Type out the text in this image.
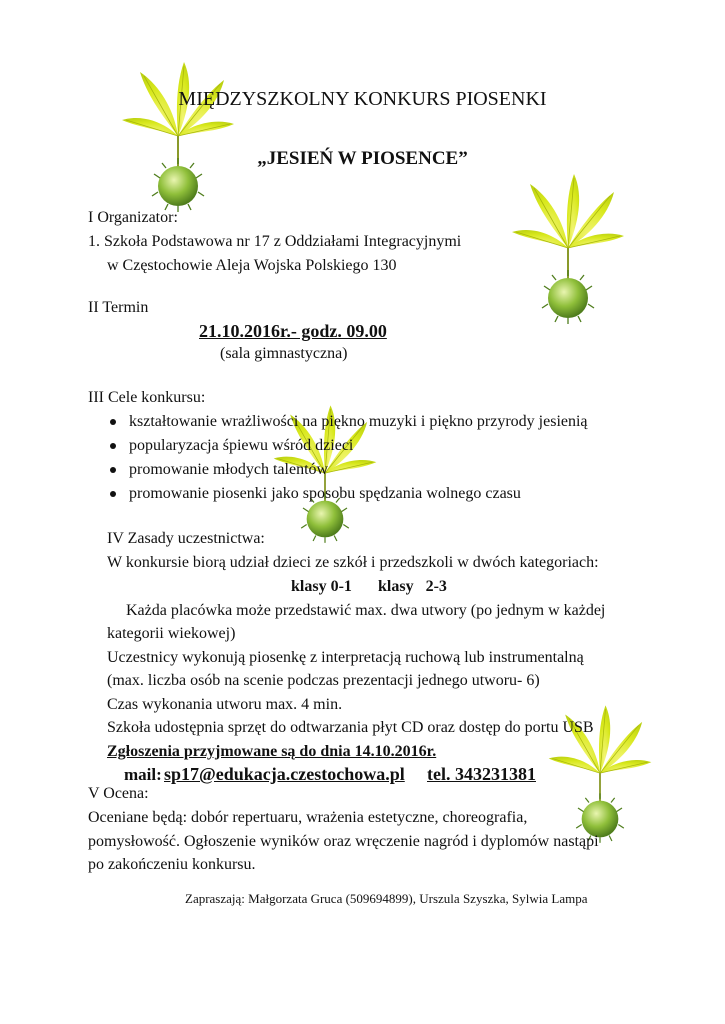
MIĘDZYSZKOLNY KONKURS PIOSENKI
„JESIEŃ W PIOSENCE”
I Organizator:
1. Szkoła Podstawowa nr 17 z Oddziałami Integracyjnymi
w Częstochowie Aleja Wojska Polskiego 130
II Termin
21.10.2016r.- godz. 09.00
(sala gimnastyczna)
III Cele konkursu:
kształtowanie wrażliwości na piękno muzyki i piękno przyrody jesienią
popularyzacja śpiewu wśród dzieci
promowanie młodych talentów
promowanie piosenki jako sposobu spędzania wolnego czasu
IV Zasady uczestnictwa:
W konkursie biorą udział dzieci ze szkół i przedszkoli w dwóch kategoriach:
klasy 0-1 klasy   2-3
Każda placówka może przedstawić max. dwa utwory (po jednym w każdej
kategorii wiekowej)
Uczestnicy wykonują piosenkę z interpretacją ruchową lub instrumentalną
(max. liczba osób na scenie podczas prezentacji jednego utworu- 6)
Czas wykonania utworu max. 4 min.
Szkoła udostępnia sprzęt do odtwarzania płyt CD oraz dostęp do portu USB
Zgłoszenia przyjmowane są do dnia 14.10.2016r.
mail: sp17@edukacja.czestochowa.pl tel. 343231381
V Ocena:
Oceniane będą: dobór repertuaru, wrażenia estetyczne, choreografia,
pomysłowość. Ogłoszenie wyników oraz wręczenie nagród i dyplomów nastąpi
po zakończeniu konkursu.
Zapraszają: Małgorzata Gruca (509694899), Urszula Szyszka, Sylwia Lampa
